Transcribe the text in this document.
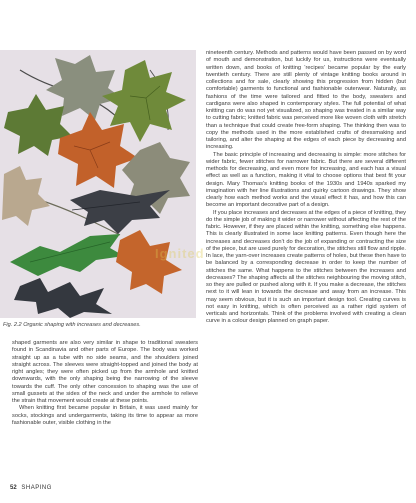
Fig. 2.2 Organic shaping with increases and decreases.

shaped garments are also very similar in shape to traditional sweaters found in Scandinavia and other parts of Europe. The body was worked straight up as a tube with no side seams, and the shoulders joined straight across. The sleeves were straight-topped and joined the body at right angles; they were often picked up from the armhole and knitted downwards, with the only shaping being the narrowing of the sleeve towards the cuff. The only other concession to shaping was the use of small gussets at the sides of the neck and under the armhole to relieve the strain that movement would create at these points.

When knitting first became popular in Britain, it was used mainly for socks, stockings and undergarments, taking its time to appear as more fashionable outer, visible clothing in the

nineteenth century. Methods and patterns would have been passed on by word of mouth and demonstration, but luckily for us, instructions were eventually written down, and books of knitting ‘recipes’ became popular by the early twentieth century. There are still plenty of vintage knitting books around in collections and for sale, clearly showing this progression from hidden (but comfortable) garments to functional and fashionable outerwear. Naturally, as fashions of the time were tailored and fitted to the body, sweaters and cardigans were also shaped in contemporary styles. The full potential of what knitting can do was not yet visualized, so shaping was treated in a similar way to cutting fabric; knitted fabric was perceived more like woven cloth with stretch than a technique that could create free-form shaping. The thinking then was to copy the methods used in the more established crafts of dressmaking and tailoring, and alter the shaping at the edges of each piece by decreasing and increasing.

The basic principle of increasing and decreasing is simple: more stitches for wider fabric, fewer stitches for narrower fabric. But there are several different methods for decreasing, and even more for increasing, and each has a visual effect as well as a function, making it vital to choose options that best fit your design. Mary Thomas’s knitting books of the 1930s and 1940s sparked my imagination with her line illustrations and quirky cartoon drawings. They show clearly how each method works and the visual effect it has, and how this can become an important decorative part of a design.

If you place increases and decreases at the edges of a piece of knitting, they do the simple job of making it wider or narrower without affecting the rest of the fabric. However, if they are placed within the knitting, something else happens. This is clearly illustrated in some lace knitting patterns. Even though here the increases and decreases don’t do the job of expanding or contracting the size of the piece, but are used purely for decoration, the stitches still flow and ripple. In lace, the yarn-over increases create patterns of holes, but these then have to be balanced by a corresponding decrease in order to keep the number of stitches the same. What happens to the stitches between the increases and decreases? The shaping affects all the stitches neighbouring the moving stitch, so they are pulled or pushed along with it. If you make a decrease, the stitches next to it will lean in towards the decrease and away from an increase. This may seem obvious, but it is such an important design tool. Creating curves is not easy in knitting, which is often perceived as a rather rigid system of verticals and horizontals. Think of the problems involved with creating a clean curve in a colour design planned on graph paper.

Ignited
52 SHAPING
